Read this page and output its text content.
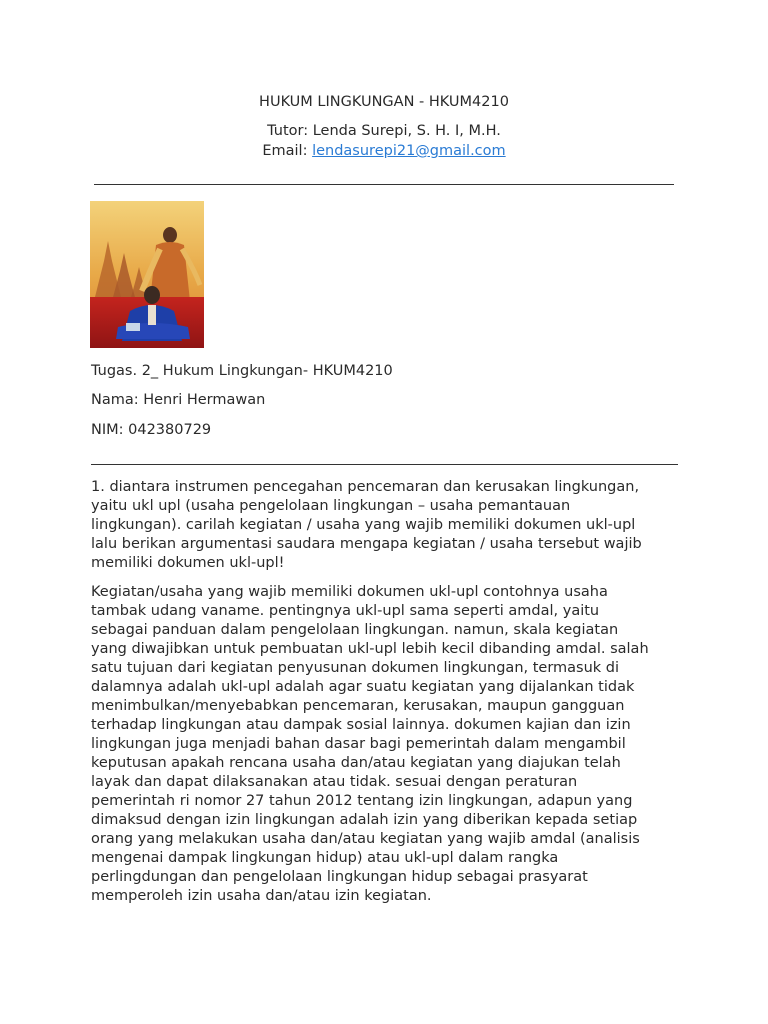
HUKUM LINGKUNGAN - HKUM4210
Tutor: Lenda Surepi, S. H. I, M.H.
Email: lendasurepi21@gmail.com
Tugas. 2_ Hukum Lingkungan- HKUM4210
Nama: Henri Hermawan
NIM: 042380729
1. diantara instrumen pencegahan pencemaran dan kerusakan lingkungan,
yaitu ukl upl (usaha pengelolaan lingkungan – usaha pemantauan
lingkungan). carilah kegiatan / usaha yang wajib memiliki dokumen ukl-upl
lalu berikan argumentasi saudara mengapa kegiatan / usaha tersebut wajib
memiliki dokumen ukl-upl!
Kegiatan/usaha yang wajib memiliki dokumen ukl-upl contohnya usaha
tambak udang vaname. pentingnya ukl-upl sama seperti amdal, yaitu
sebagai panduan dalam pengelolaan lingkungan. namun, skala kegiatan
yang diwajibkan untuk pembuatan ukl-upl lebih kecil dibanding amdal. salah
satu tujuan dari kegiatan penyusunan dokumen lingkungan, termasuk di
dalamnya adalah ukl-upl adalah agar suatu kegiatan yang dijalankan tidak
menimbulkan/menyebabkan pencemaran, kerusakan, maupun gangguan
terhadap lingkungan atau dampak sosial lainnya. dokumen kajian dan izin
lingkungan juga menjadi bahan dasar bagi pemerintah dalam mengambil
keputusan apakah rencana usaha dan/atau kegiatan yang diajukan telah
layak dan dapat dilaksanakan atau tidak. sesuai dengan peraturan
pemerintah ri nomor 27 tahun 2012 tentang izin lingkungan, adapun yang
dimaksud dengan izin lingkungan adalah izin yang diberikan kepada setiap
orang yang melakukan usaha dan/atau kegiatan yang wajib amdal (analisis
mengenai dampak lingkungan hidup) atau ukl-upl dalam rangka
perlingdungan dan pengelolaan lingkungan hidup sebagai prasyarat
memperoleh izin usaha dan/atau izin kegiatan.
